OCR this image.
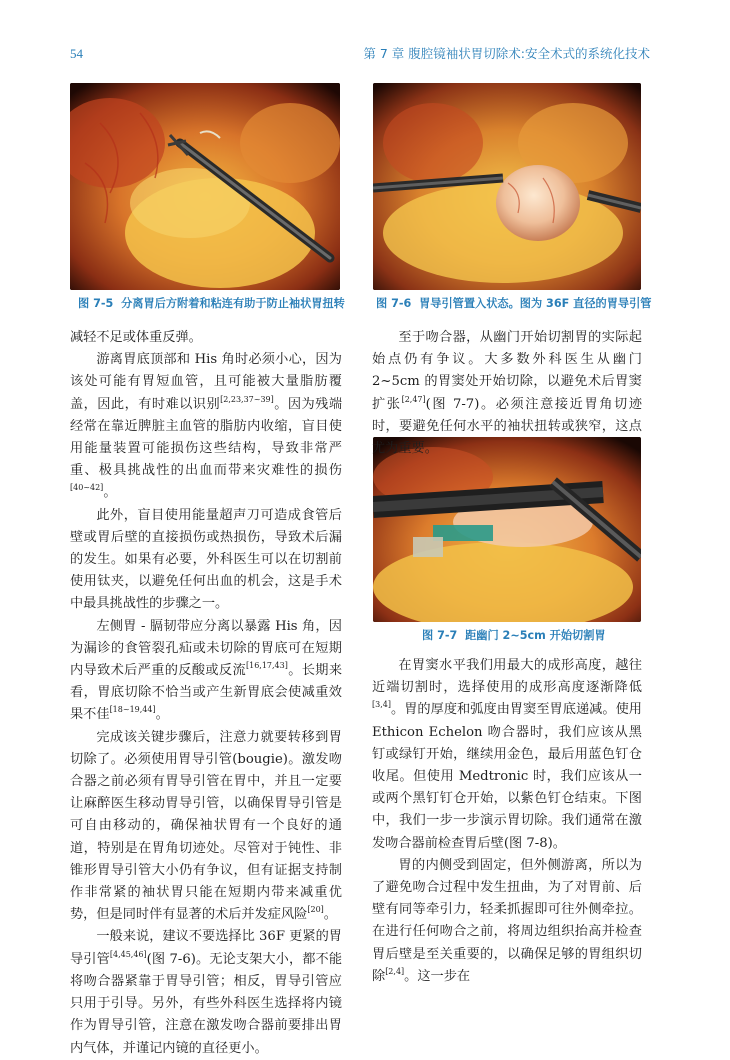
54	第 7 章 腹腔镜袖状胃切除术:安全术式的系统化技术
图 7-5 分离胃后方附着和粘连有助于防止袖状胃扭转	图 7-6 胃导引管置入状态。图为 36F 直径的胃导引管
图 7-7 距幽门 2~5cm 开始切割胃

减轻不足或体重反弹。

游离胃底顶部和 His 角时必须小心，因为该处可能有胃短血管，且可能被大量脂肪覆盖，因此，有时难以识别[2,23,37~39]。因为残端经常在靠近脾脏主血管的脂肪内收缩，盲目使用能量装置可能损伤这些结构，导致非常严重、极具挑战性的出血而带来灾难性的损伤[40~42]。

此外，盲目使用能量超声刀可造成食管后壁或胃后壁的直接损伤或热损伤，导致术后漏的发生。如果有必要，外科医生可以在切割前使用钛夹，以避免任何出血的机会，这是手术中最具挑战性的步骤之一。

左侧胃 - 膈韧带应分离以暴露 His 角，因为漏诊的食管裂孔疝或未切除的胃底可在短期内导致术后严重的反酸或反流[16,17,43]。长期来看，胃底切除不恰当或产生新胃底会使减重效果不佳[18~19,44]。

完成该关键步骤后，注意力就要转移到胃切除了。必须使用胃导引管(bougie)。激发吻合器之前必须有胃导引管在胃中，并且一定要让麻醉医生移动胃导引管，以确保胃导引管是可自由移动的，确保袖状胃有一个良好的通道，特别是在胃角切迹处。尽管对于钝性、非锥形胃导引管大小仍有争议，但有证据支持制作非常紧的袖状胃只能在短期内带来减重优势，但是同时伴有显著的术后并发症风险[20]。

一般来说，建议不要选择比 36F 更紧的胃导引管[4,45,46](图 7-6)。无论支架大小，都不能将吻合器紧靠于胃导引管；相反，胃导引管应只用于引导。另外，有些外科医生选择将内镜作为胃导引管，注意在激发吻合器前要排出胃内气体，并谨记内镜的直径更小。

至于吻合器，从幽门开始切割胃的实际起始点仍有争议。大多数外科医生从幽门 2~5cm 的胃窦处开始切除，以避免术后胃窦扩张[2,47](图 7-7)。必须注意接近胃角切迹时，要避免任何水平的袖状扭转或狭窄，这点尤为重要。

在胃窦水平我们用最大的成形高度，越往近端切割时，选择使用的成形高度逐渐降低[3,4]。胃的厚度和弧度由胃窦至胃底递减。使用 Ethicon Echelon 吻合器时，我们应该从黑钉或绿钉开始，继续用金色，最后用蓝色钉仓收尾。但使用 Medtronic 时，我们应该从一或两个黑钉钉仓开始，以紫色钉仓结束。下图中，我们一步一步演示胃切除。我们通常在激发吻合器前检查胃后壁(图 7-8)。

胃的内侧受到固定，但外侧游离，所以为了避免吻合过程中发生扭曲，为了对胃前、后壁有同等牵引力，轻柔抓握即可往外侧牵拉。在进行任何吻合之前，将周边组织抬高并检查胃后壁是至关重要的，以确保足够的胃组织切除[2,4]。这一步在
